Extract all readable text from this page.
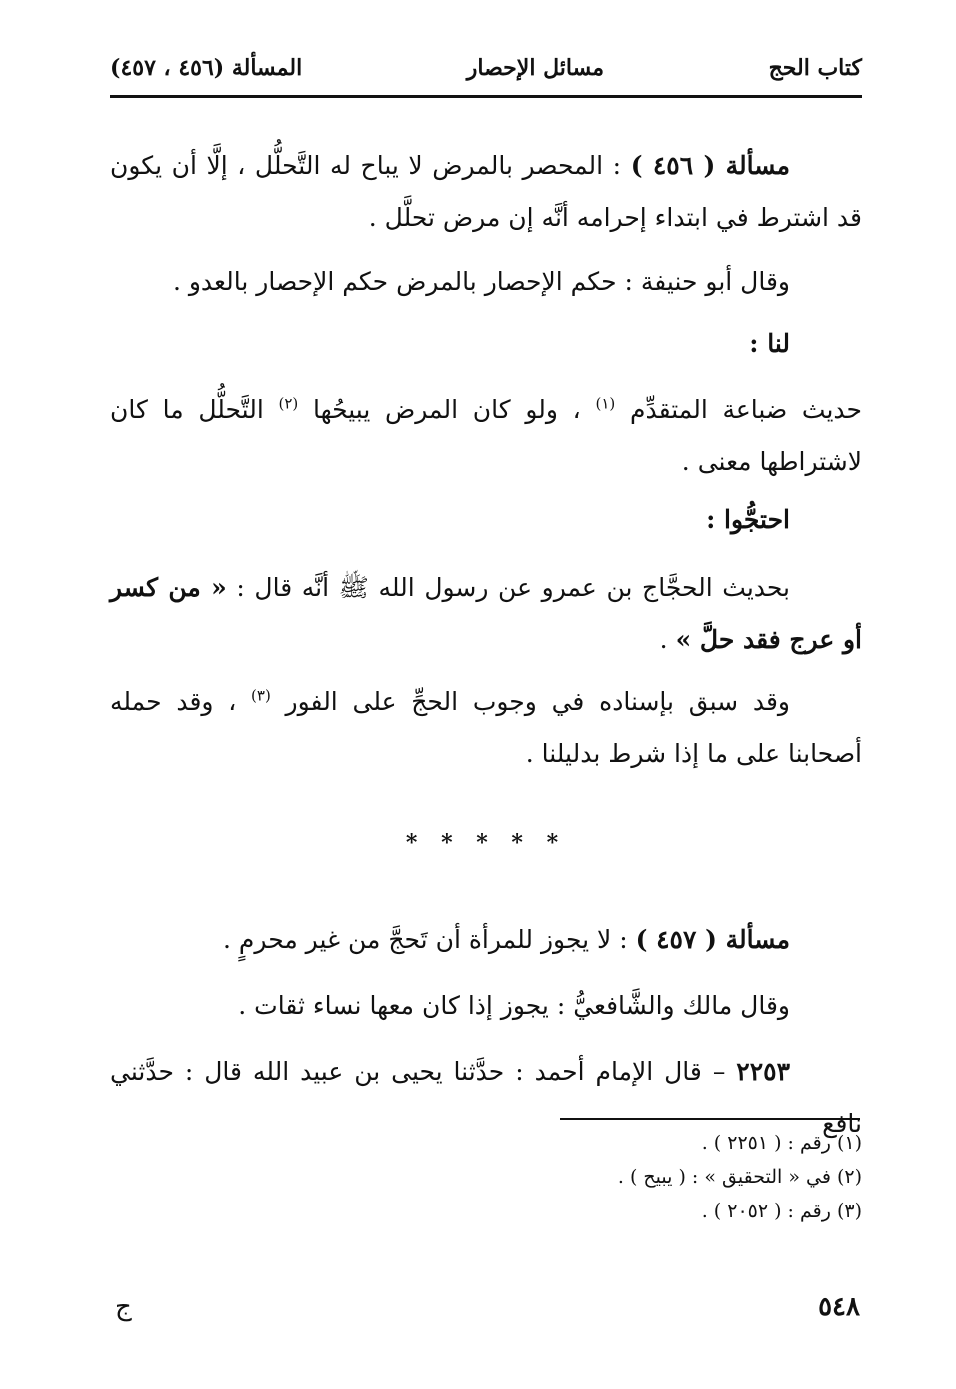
كتاب الحج
مسائل الإحصار
المسألة (٤٥٦ ، ٤٥٧)

مسألة ( ٤٥٦ ) : المحصر بالمرض لا يباح له التَّحلُّل ، إلَّا أن يكون قد اشترط في ابتداء إحرامه أنَّه إن مرض تحلَّل .

وقال أبو حنيفة : حكم الإحصار بالمرض حكم الإحصار بالعدو .

لنا :

حديث ضباعة المتقدِّم $^{(١)}$ ، ولو كان المرض يبيحُها $^{(٢)}$ التَّحلُّل ما كان لاشتراطها معنى .

احتجُّوا :

بحديث الحجَّاج بن عمرو عن رسول الله ﷺ أنَّه قال : « من كسر أو عرج فقد حلَّ » .

وقد سبق بإسناده في وجوب الحجِّ على الفور $^{(٣)}$ ، وقد حمله أصحابنا على ما إذا شرط بدليلنا .

* * * * *

مسألة ( ٤٥٧ ) : لا يجوز للمرأة أن تَحجَّ من غير محرمٍ .

وقال مالك والشَّافعيُّ : يجوز إذا كان معها نساء ثقات .

٢٢٥٣ – قال الإمام أحمد : حدَّثنا يحيى بن عبيد الله قال : حدَّثني نافع

(١) رقم : ( ٢٢٥١ ) .
(٢) في « التحقيق » : ( يبيح ) .
(٣) رقم : ( ٢٠٥٢ ) .
٥٤٨
ج
